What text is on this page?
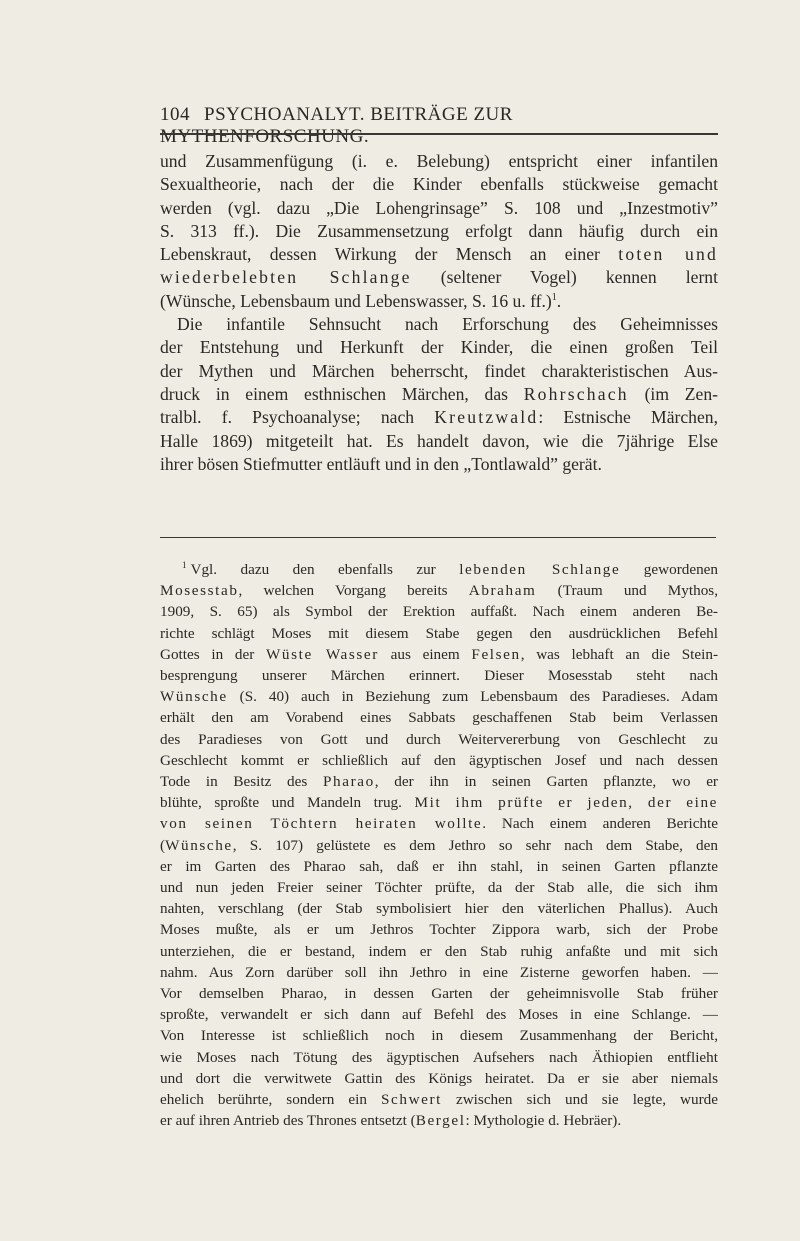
104 PSYCHOANALYT. BEITRÄGE ZUR MYTHENFORSCHUNG.

und Zusammenfügung (i. e. Belebung) entspricht einer infantilen

Sexualtheorie, nach der die Kinder ebenfalls stückweise gemacht

werden (vgl. dazu „Die Lohengrinsage” S. 108 und „Inzestmotiv”

S. 313 ff.). Die Zusammensetzung erfolgt dann häufig durch ein

Lebenskraut, dessen Wirkung der Mensch an einer toten und

wiederbelebten Schlange (seltener Vogel) kennen lernt

(Wünsche, Lebensbaum und Lebenswasser, S. 16 u. ff.)$^1$.

Die infantile Sehnsucht nach Erforschung des Geheimnisses

der Entstehung und Herkunft der Kinder, die einen großen Teil

der Mythen und Märchen beherrscht, findet charakteristischen Aus-

druck in einem esthnischen Märchen, das Rohrschach (im Zen-

tralbl. f. Psychoanalyse; nach Kreutzwald: Estnische Märchen,

Halle 1869) mitgeteilt hat. Es handelt davon, wie die 7jährige Else

ihrer bösen Stiefmutter entläuft und in den „Tontlawald” gerät.

$^1$ Vgl. dazu den ebenfalls zur lebenden Schlange gewordenen

Mosesstab, welchen Vorgang bereits Abraham (Traum und Mythos,

1909, S. 65) als Symbol der Erektion auffaßt. Nach einem anderen Be-

richte schlägt Moses mit diesem Stabe gegen den ausdrücklichen Befehl

Gottes in der Wüste Wasser aus einem Felsen, was lebhaft an die Stein-

besprengung unserer Märchen erinnert. Dieser Mosesstab steht nach

Wünsche (S. 40) auch in Beziehung zum Lebensbaum des Paradieses. Adam

erhält den am Vorabend eines Sabbats geschaffenen Stab beim Verlassen

des Paradieses von Gott und durch Weitervererbung von Geschlecht zu

Geschlecht kommt er schließlich auf den ägyptischen Josef und nach dessen

Tode in Besitz des Pharao, der ihn in seinen Garten pflanzte, wo er

blühte, sproßte und Mandeln trug. Mit ihm prüfte er jeden, der eine

von seinen Töchtern heiraten wollte. Nach einem anderen Berichte

(Wünsche, S. 107) gelüstete es dem Jethro so sehr nach dem Stabe, den

er im Garten des Pharao sah, daß er ihn stahl, in seinen Garten pflanzte

und nun jeden Freier seiner Töchter prüfte, da der Stab alle, die sich ihm

nahten, verschlang (der Stab symbolisiert hier den väterlichen Phallus). Auch

Moses mußte, als er um Jethros Tochter Zippora warb, sich der Probe

unterziehen, die er bestand, indem er den Stab ruhig anfaßte und mit sich

nahm. Aus Zorn darüber soll ihn Jethro in eine Zisterne geworfen haben. —

Vor demselben Pharao, in dessen Garten der geheimnisvolle Stab früher

sproßte, verwandelt er sich dann auf Befehl des Moses in eine Schlange. —

Von Interesse ist schließlich noch in diesem Zusammenhang der Bericht,

wie Moses nach Tötung des ägyptischen Aufsehers nach Äthiopien entflieht

und dort die verwitwete Gattin des Königs heiratet. Da er sie aber niemals

ehelich berührte, sondern ein Schwert zwischen sich und sie legte, wurde

er auf ihren Antrieb des Thrones entsetzt (Bergel: Mythologie d. Hebräer).
